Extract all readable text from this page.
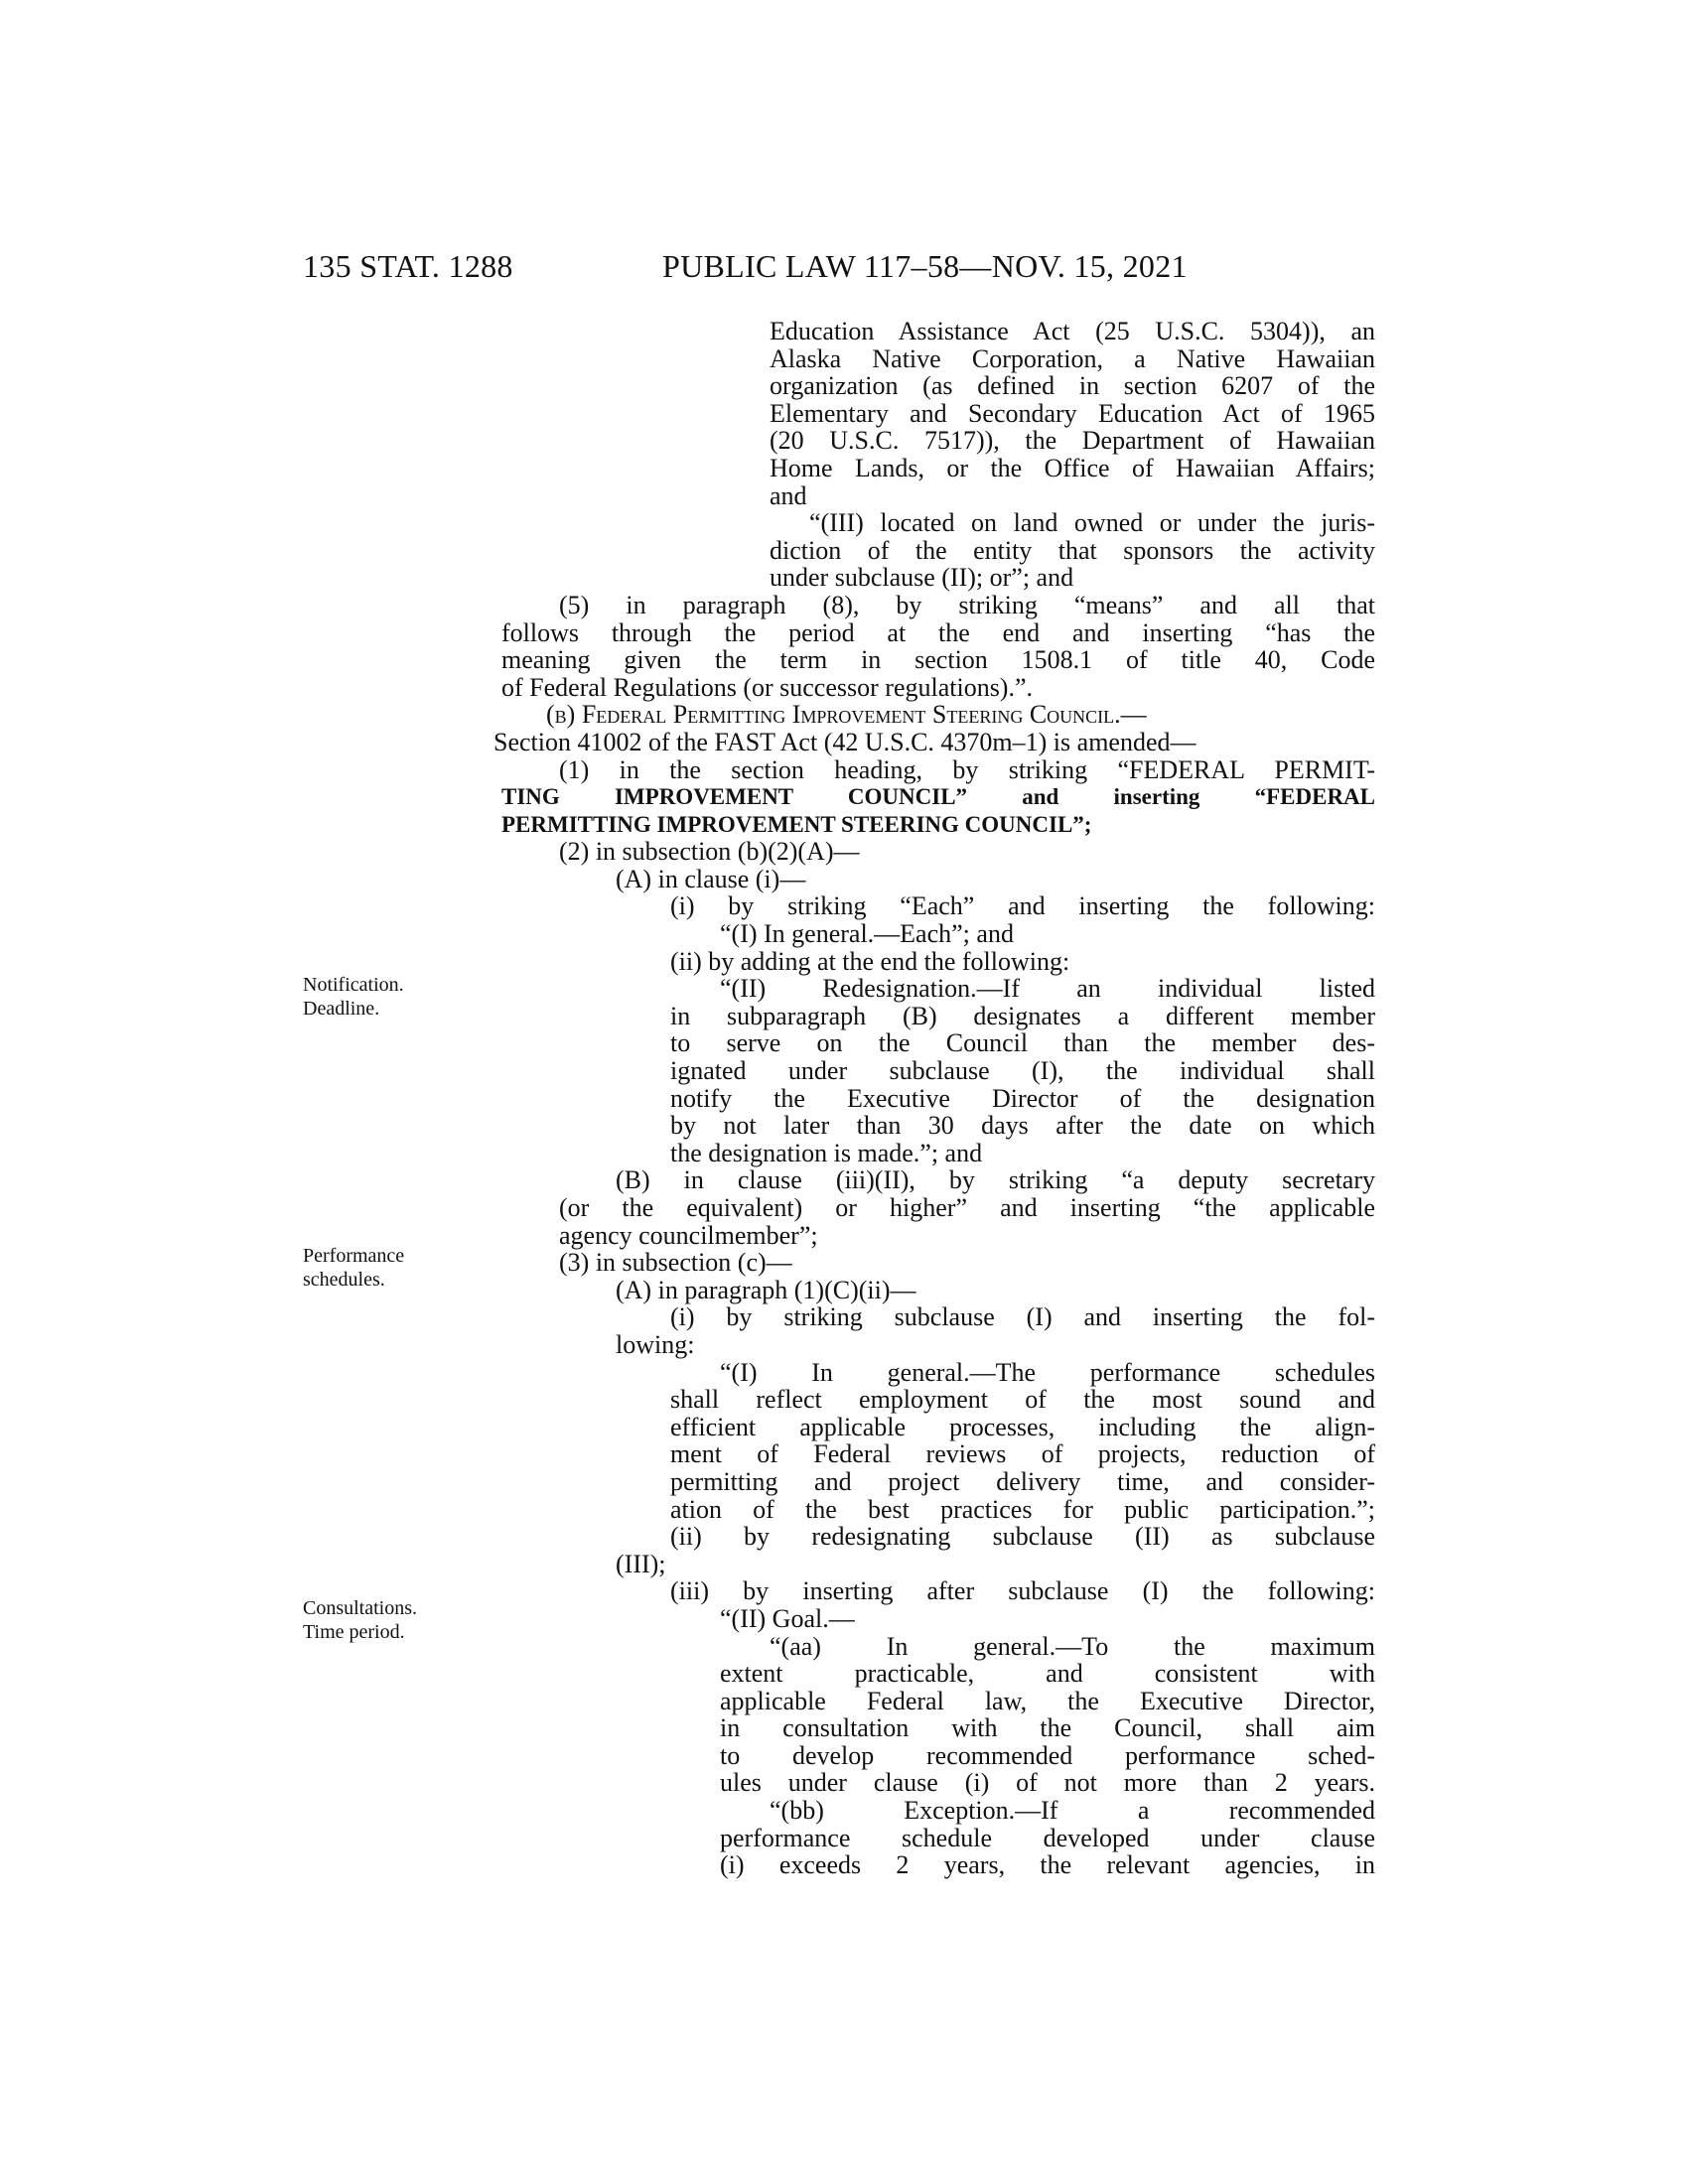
135 STAT. 1288	PUBLIC LAW 117–58—NOV. 15, 2021
Notification.
Deadline.
Performance
schedules.
Consultations.
Time period.
Education Assistance Act (25 U.S.C. 5304)), an
Alaska Native Corporation, a Native Hawaiian
organization (as defined in section 6207 of the
Elementary and Secondary Education Act of 1965
(20 U.S.C. 7517)), the Department of Hawaiian
Home Lands, or the Office of Hawaiian Affairs;
and
“(III) located on land owned or under the juris-
diction of the entity that sponsors the activity
under subclause (II); or”; and
(5) in paragraph (8), by striking “means” and all that
follows through the period at the end and inserting “has the
meaning given the term in section 1508.1 of title 40, Code
of Federal Regulations (or successor regulations).”.
(b) Federal Permitting Improvement Steering Council.—
Section 41002 of the FAST Act (42 U.S.C. 4370m–1) is amended—
(1) in the section heading, by striking “FEDERAL PERMIT-
TING IMPROVEMENT COUNCIL” and inserting “FEDERAL
PERMITTING IMPROVEMENT STEERING COUNCIL”;
(2) in subsection (b)(2)(A)—
(A) in clause (i)—
(i) by striking “Each” and inserting the following:
“(I) In general.—Each”; and
(ii) by adding at the end the following:
“(II) Redesignation.—If an individual listed
in subparagraph (B) designates a different member
to serve on the Council than the member des-
ignated under subclause (I), the individual shall
notify the Executive Director of the designation
by not later than 30 days after the date on which
the designation is made.”; and
(B) in clause (iii)(II), by striking “a deputy secretary
(or the equivalent) or higher” and inserting “the applicable
agency councilmember”;
(3) in subsection (c)—
(A) in paragraph (1)(C)(ii)—
(i) by striking subclause (I) and inserting the fol-
lowing:
“(I) In general.—The performance schedules
shall reflect employment of the most sound and
efficient applicable processes, including the align-
ment of Federal reviews of projects, reduction of
permitting and project delivery time, and consider-
ation of the best practices for public participation.”;
(ii) by redesignating subclause (II) as subclause
(III);
(iii) by inserting after subclause (I) the following:
“(II) Goal.—
“(aa) In general.—To the maximum
extent practicable, and consistent with
applicable Federal law, the Executive Director,
in consultation with the Council, shall aim
to develop recommended performance sched-
ules under clause (i) of not more than 2 years.
“(bb) Exception.—If a recommended
performance schedule developed under clause
(i) exceeds 2 years, the relevant agencies, in
